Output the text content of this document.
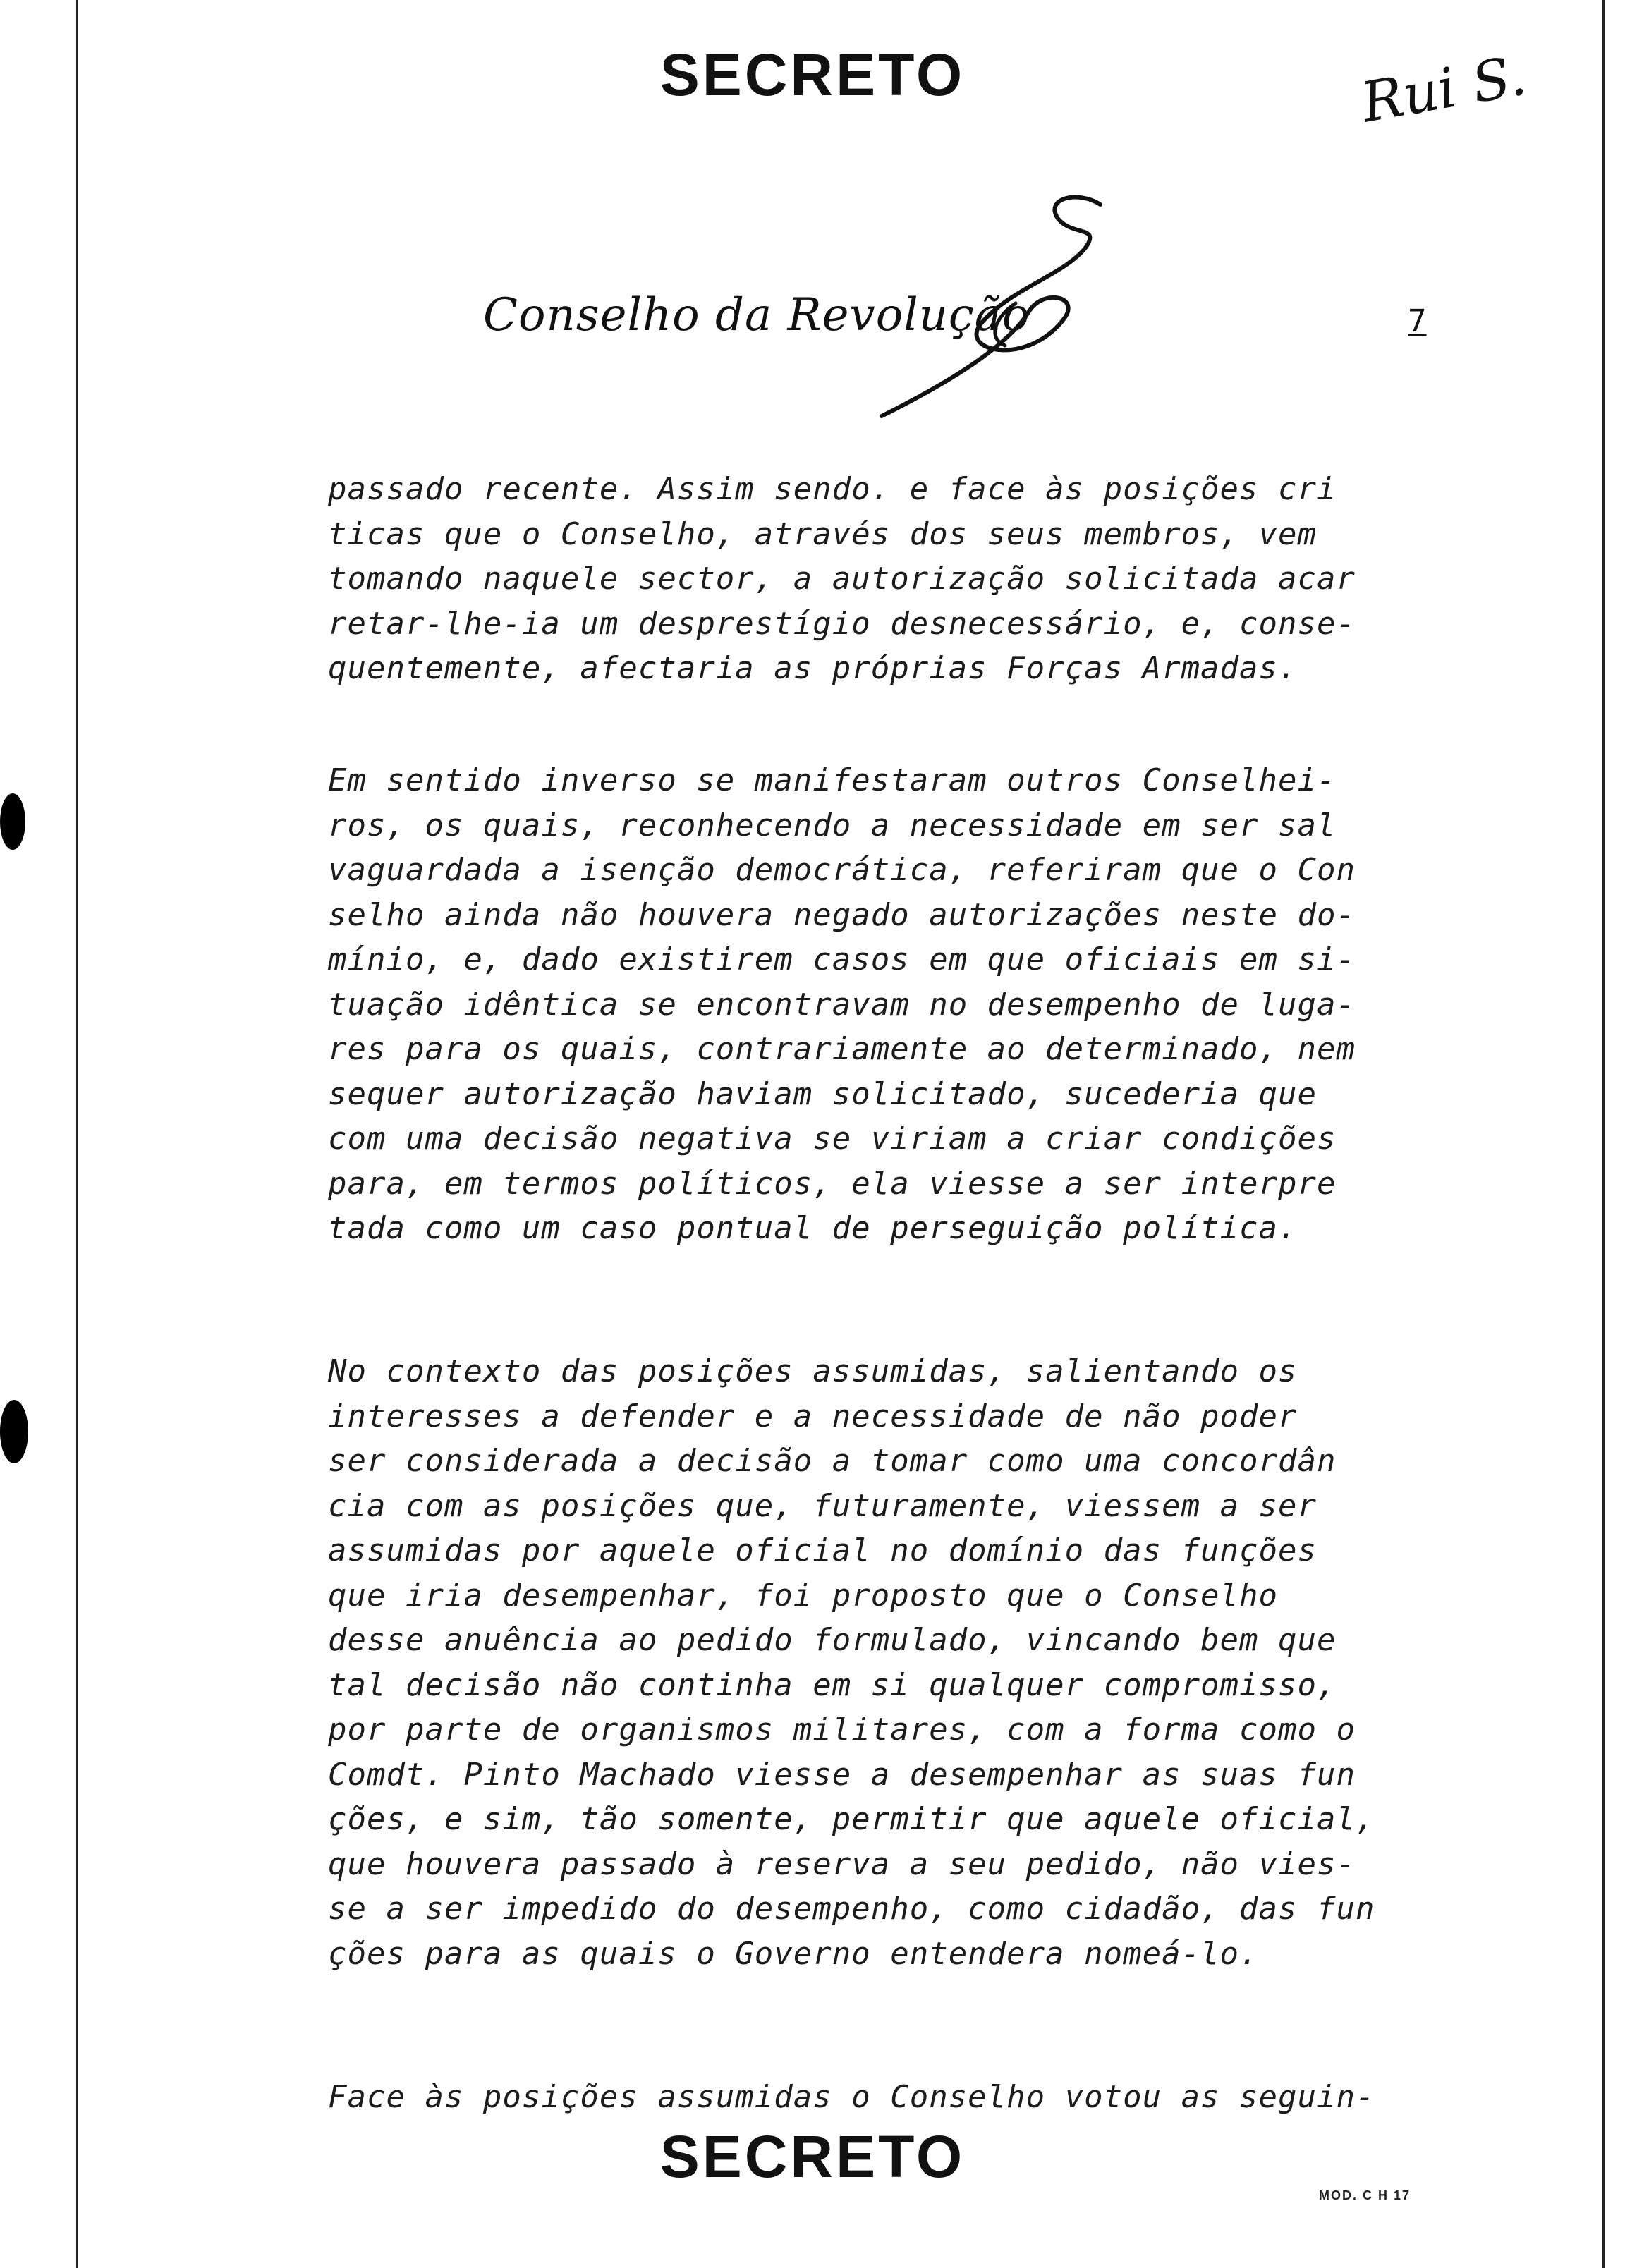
SECRETO	Rui S.
Conselho da Revolução	7
passado recente. Assim sendo. e face às posições cri
ticas que o Conselho, através dos seus membros, vem
tomando naquele sector, a autorização solicitada acar
retar-lhe-ia um desprestígio desnecessário, e, conse-
quentemente, afectaria as próprias Forças Armadas.
Em sentido inverso se manifestaram outros Conselhei-
ros, os quais, reconhecendo a necessidade em ser sal
vaguardada a isenção democrática, referiram que o Con
selho ainda não houvera negado autorizações neste do-
mínio, e, dado existirem casos em que oficiais em si-
tuação idêntica se encontravam no desempenho de luga-
res para os quais, contrariamente ao determinado, nem
sequer autorização haviam solicitado, sucederia que
com uma decisão negativa se viriam a criar condições
para, em termos políticos, ela viesse a ser interpre
tada como um caso pontual de perseguição política.
No contexto das posições assumidas, salientando os
interesses a defender e a necessidade de não poder
ser considerada a decisão a tomar como uma concordân
cia com as posições que, futuramente, viessem a ser
assumidas por aquele oficial no domínio das funções
que iria desempenhar, foi proposto que o Conselho
desse anuência ao pedido formulado, vincando bem que
tal decisão não continha em si qualquer compromisso,
por parte de organismos militares, com a forma como o
Comdt. Pinto Machado viesse a desempenhar as suas fun
ções, e sim, tão somente, permitir que aquele oficial,
que houvera passado à reserva a seu pedido, não vies-
se a ser impedido do desempenho, como cidadão, das fun
ções para as quais o Governo entendera nomeá-lo.
Face às posições assumidas o Conselho votou as seguin-
SECRETO
MOD. C H 17
